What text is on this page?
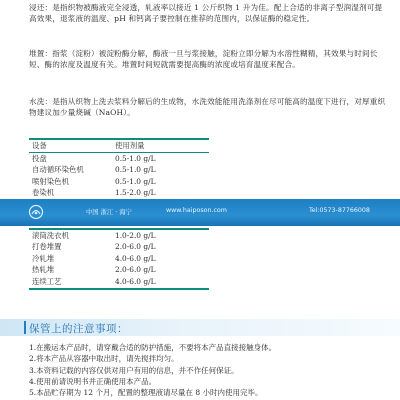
浸还：是指织物被酶液完全浸透，轧液率以接近 1 公斤织物 1 升为佳。配上合适的非离子型润湿剂可提高效果，退浆液的温度、pH 和钙离子要控制在推荐的范围内，以保证酶的稳定性。
堆置：指浆（淀粉）被淀粉酶分解，酶液一旦与浆接触，淀粉立即分解为水溶性糊精，其效果与时间长短、酶的浓度及温度有关。堆置时间短就需要提高酶的浓度或培育温度来配合。
水洗：是指从织物上洗去浆料分解后的生成物，水洗效能能用洗涤剂在尽可能高的温度下进行，对厚重织物建议加少量烧碱（NaOH）。
设备	使用剂量
投盘	0.5-1.0 g/L
自动循环染色机	0.5-1.0 g/L
喷射染色机	0.5-1.0 g/L
卷染机	1.5-2.0 g/L
中国 浙江 · 海宁	www.haiposon.com	Tel:0573-87766008
滚筒洗衣机	1.0-2.0 g/L
打卷堆置	2.0-6.0 g/L
冷轧堆	4.0-6.0 g/L
热轧堆	2.0-6.0 g/L
连续工艺	4.0-6.0 g/L
保管上的注意事项：
1.在搬运本产品时，请穿戴合适的防护措施，不要将本产品直接接触身体。
2.将本产品从容器中取出时，请先搅拌均匀。
3.本资料记载的内容仅供对用户有用的信息，并不作任何保证。
4.使用前请说明书并正确使用本产品。
5.本品贮存期为 12 个月，配置的整理液请尽量在 8 小时内使用完毕。
